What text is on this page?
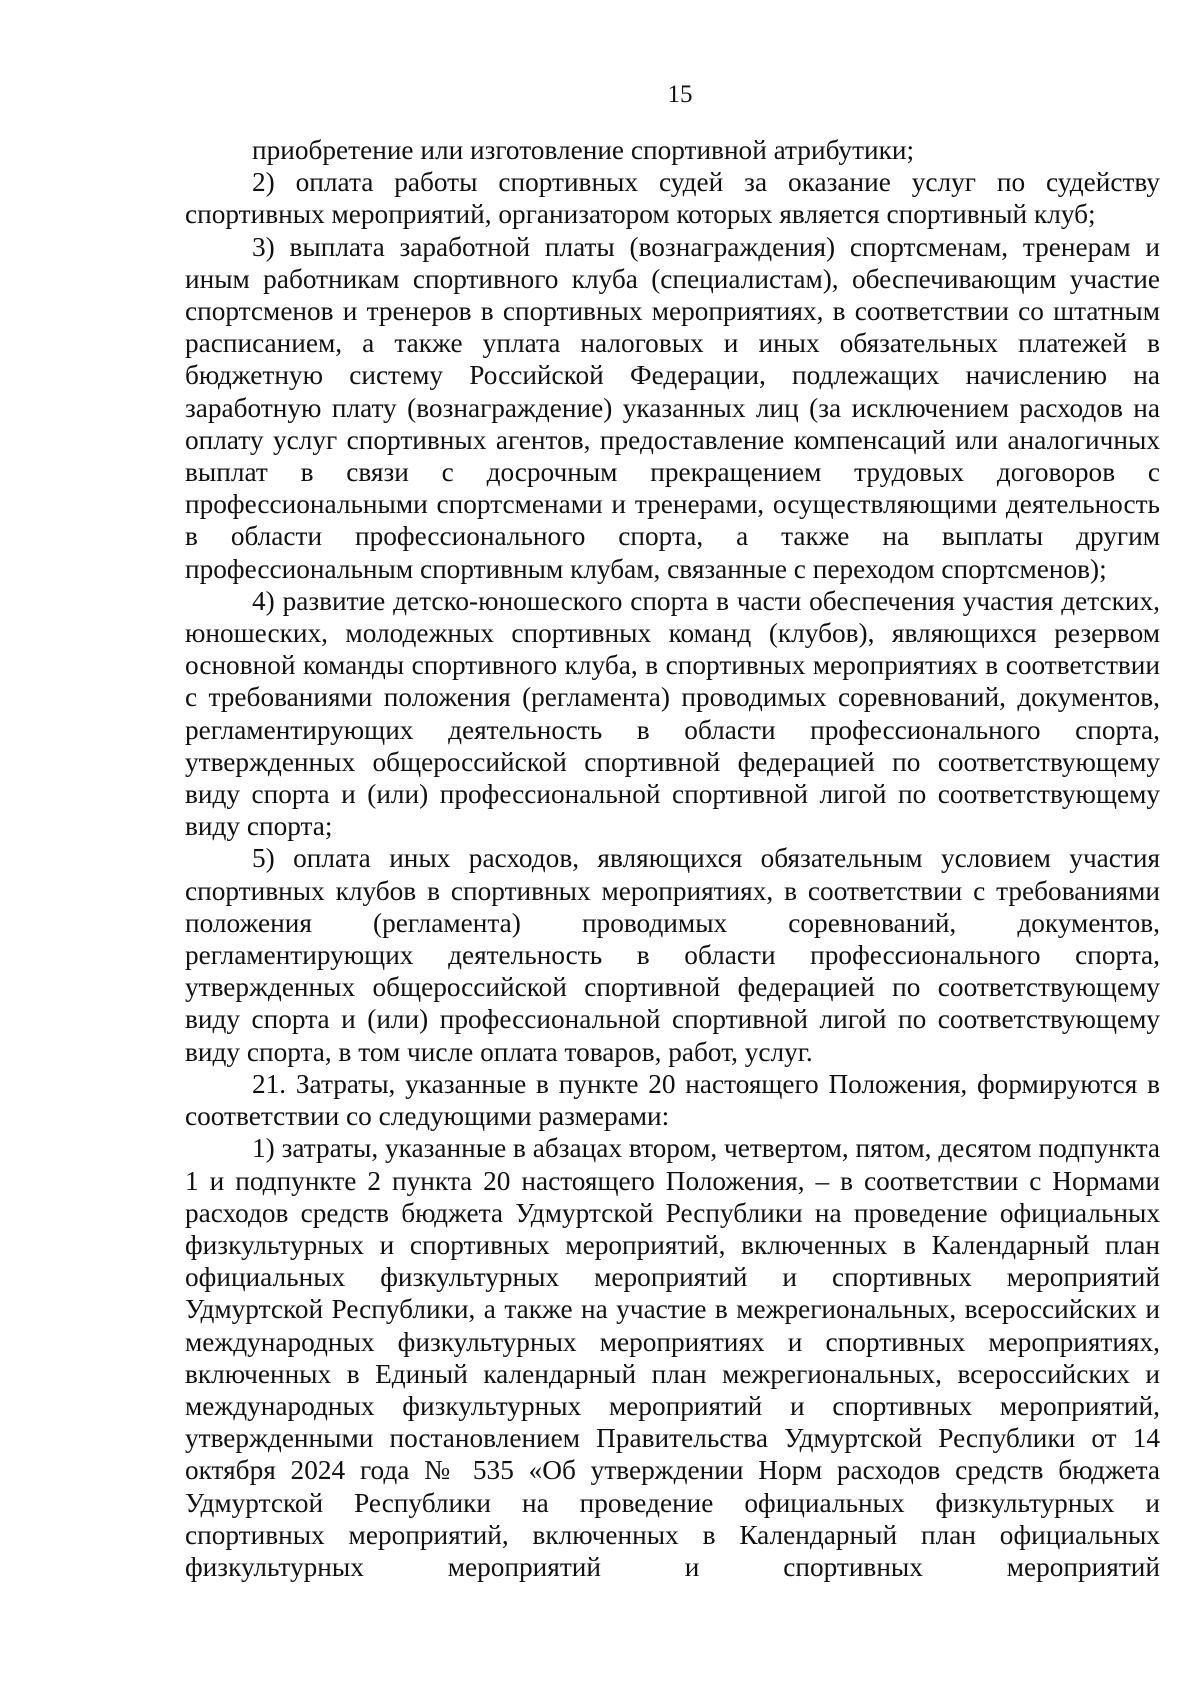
15

приобретение или изготовление спортивной атрибутики;

2) оплата работы спортивных судей за оказание услуг по судейству спортивных мероприятий, организатором которых является спортивный клуб;

3) выплата заработной платы (вознаграждения) спортсменам, тренерам и иным работникам спортивного клуба (специалистам), обеспечивающим участие спортсменов и тренеров в спортивных мероприятиях, в соответствии со штатным расписанием, а также уплата налоговых и иных обязательных платежей в бюджетную систему Российской Федерации, подлежащих начислению на заработную плату (вознаграждение) указанных лиц (за исключением расходов на оплату услуг спортивных агентов, предоставление компенсаций или аналогичных выплат в связи с досрочным прекращением трудовых договоров с профессиональными спортсменами и тренерами, осуществляющими деятельность в области профессионального спорта, а также на выплаты другим профессиональным спортивным клубам, связанные с переходом спортсменов);

4) развитие детско-юношеского спорта в части обеспечения участия детских, юношеских, молодежных спортивных команд (клубов), являющихся резервом основной команды спортивного клуба, в спортивных мероприятиях в соответствии с требованиями положения (регламента) проводимых соревнований, документов, регламентирующих деятельность в области профессионального спорта, утвержденных общероссийской спортивной федерацией по соответствующему виду спорта и (или) профессиональной спортивной лигой по соответствующему виду спорта;

5) оплата иных расходов, являющихся обязательным условием участия спортивных клубов в спортивных мероприятиях, в соответствии с требованиями положения (регламента) проводимых соревнований, документов, регламентирующих деятельность в области профессионального спорта, утвержденных общероссийской спортивной федерацией по соответствующему виду спорта и (или) профессиональной спортивной лигой по соответствующему виду спорта, в том числе оплата товаров, работ, услуг.

21. Затраты, указанные в пункте 20 настоящего Положения, формируются в соответствии со следующими размерами:

1) затраты, указанные в абзацах втором, четвертом, пятом, десятом подпункта 1 и подпункте 2 пункта 20 настоящего Положения, – в соответствии с Нормами расходов средств бюджета Удмуртской Республики на проведение официальных физкультурных и спортивных мероприятий, включенных в Календарный план официальных физкультурных мероприятий и спортивных мероприятий Удмуртской Республики, а также на участие в межрегиональных, всероссийских и международных физкультурных мероприятиях и спортивных мероприятиях, включенных в Единый календарный план межрегиональных, всероссийских и международных физкультурных мероприятий и спортивных мероприятий, утвержденными постановлением Правительства Удмуртской Республики от 14 октября 2024 года № 535 «Об утверждении Норм расходов средств бюджета Удмуртской Республики на проведение официальных физкультурных и спортивных мероприятий, включенных в Календарный план официальных физкультурных мероприятий и спортивных мероприятий
